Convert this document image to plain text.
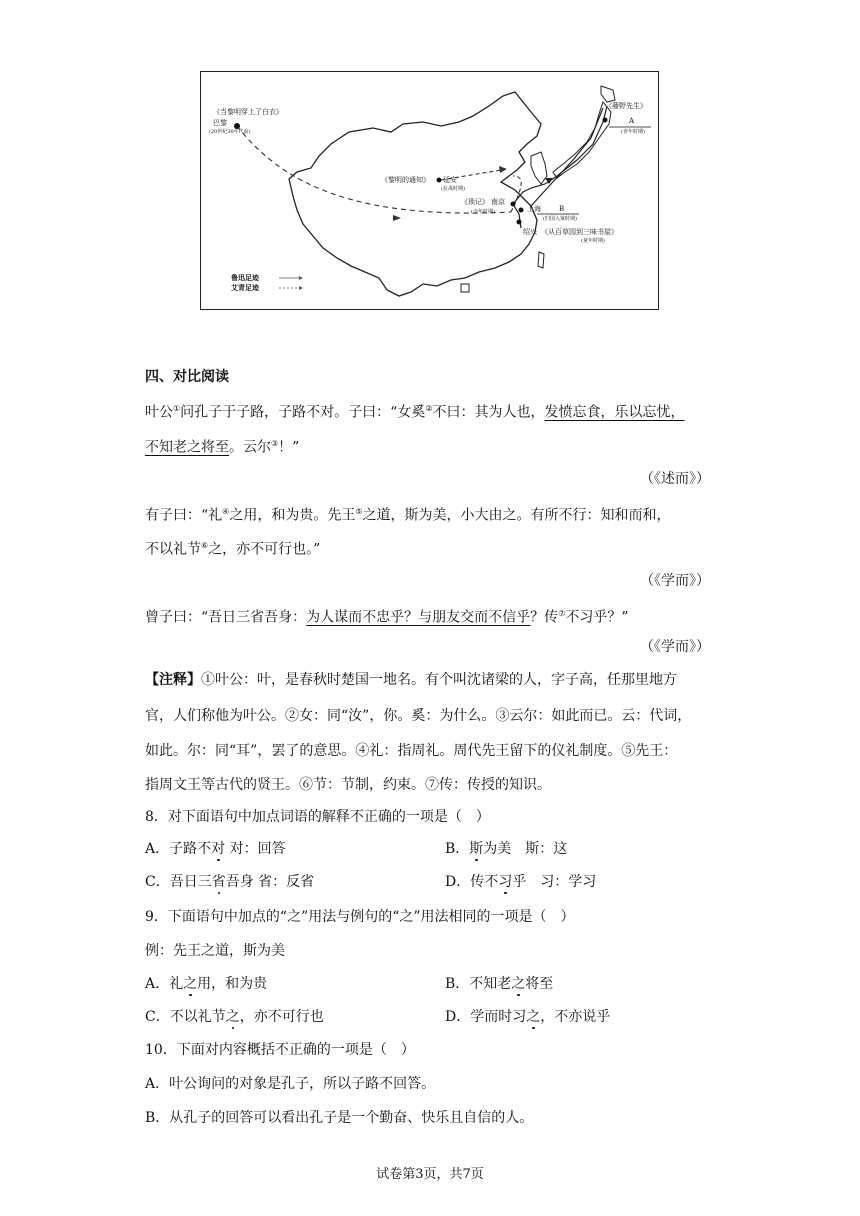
《当黎明穿上了白衣》
巴黎
(20世纪30年代前)
《藤野先生》
A
(青年时期)
《黎明的通知》 延安
(抗战时期)
《琐记》 南京
(少年时期)	上海	B
(归国入狱时期)
绍兴 《从百草园到三味书屋》
(童年时期)
鲁迅足迹
艾青足迹
四、对比阅读
叶公①问孔子于子路，子路不对。子曰：“女奚②不曰：其为人也，发愤忘食，乐以忘忧，
不知老之将至。云尔③！”
（《述而》）
有子曰：“礼④之用，和为贵。先王⑤之道，斯为美，小大由之。有所不行：知和而和，
不以礼节⑥之，亦不可行也。”
（《学而》）
曾子曰：“吾日三省吾身：为人谋而不忠乎？与朋友交而不信乎？传⑦不习乎？”
（《学而》）
【注释】①叶公：叶，是春秋时楚国一地名。有个叫沈诸梁的人，字子高，任那里地方
官，人们称他为叶公。②女：同“汝”，你。奚：为什么。③云尔：如此而已。云：代词，
如此。尔：同“耳”，罢了的意思。④礼：指周礼。周代先王留下的仪礼制度。⑤先王：
指周文王等古代的贤王。⑥节：节制，约束。⑦传：传授的知识。
8．对下面语句中加点词语的解释不正确的一项是（　）
A．子路不对 对：回答	B．斯为美　斯：这
C．吾日三省吾身 省：反省	D．传不习乎　习：学习
9．下面语句中加点的“之”用法与例句的“之”用法相同的一项是（　）
例：先王之道，斯为美
A．礼之用，和为贵	B．不知老之将至
C．不以礼节之，亦不可行也	D．学而时习之，不亦说乎
10．下面对内容概括不正确的一项是（　）
A．叶公询问的对象是孔子，所以子路不回答。
B．从孔子的回答可以看出孔子是一个勤奋、快乐且自信的人。
试卷第3页，共7页
